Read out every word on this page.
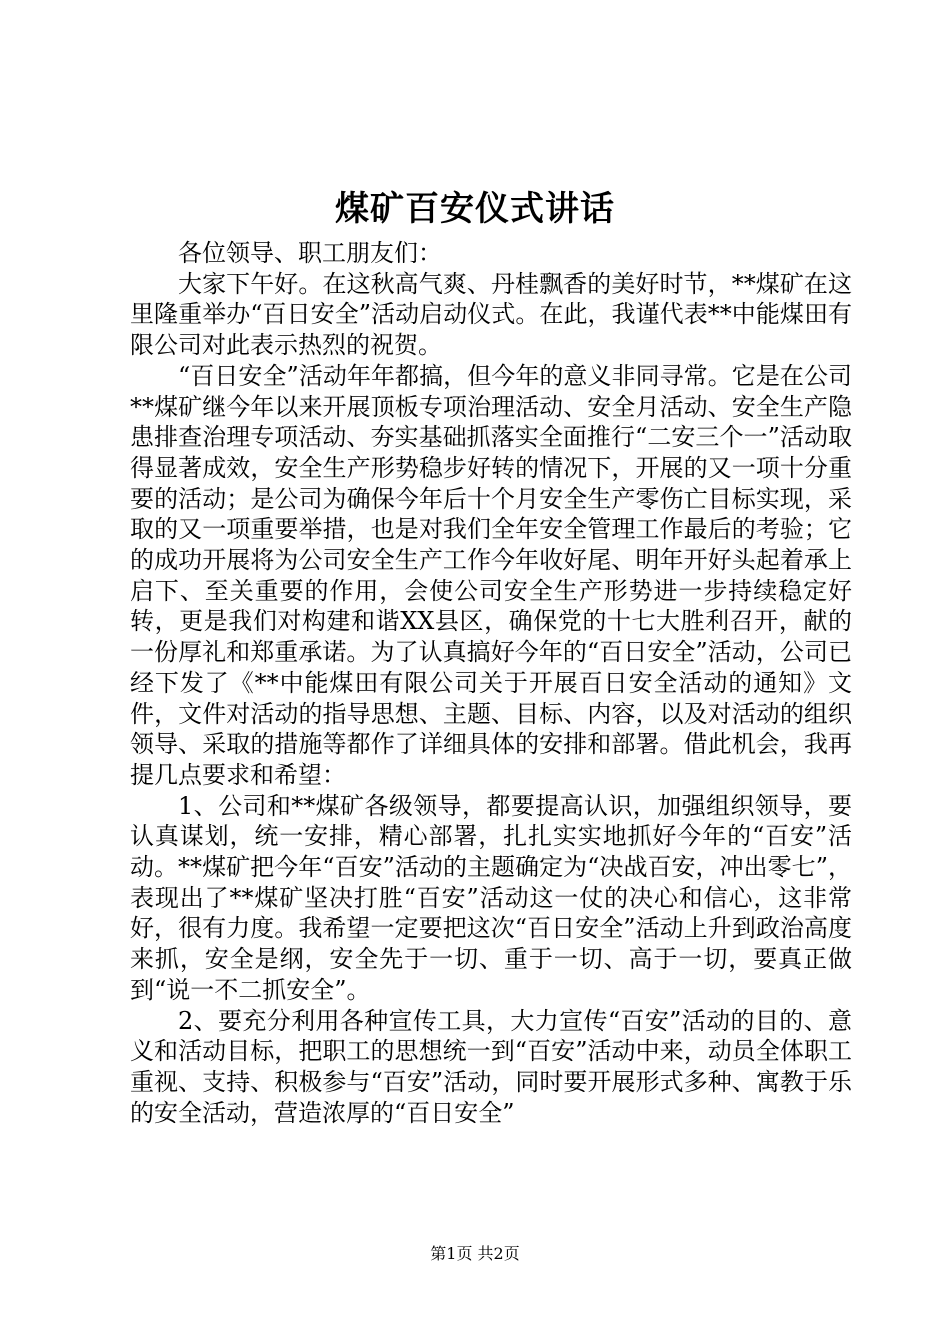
煤矿百安仪式讲话

各位领导、职工朋友们：

大家下午好。在这秋高气爽、丹桂飘香的美好时节，**煤矿在这里隆重举办“百日安全”活动启动仪式。在此，我谨代表**中能煤田有限公司对此表示热烈的祝贺。

“百日安全”活动年年都搞，但今年的意义非同寻常。它是在公司**煤矿继今年以来开展顶板专项治理活动、安全月活动、安全生产隐患排查治理专项活动、夯实基础抓落实全面推行“二安三个一”活动取得显著成效，安全生产形势稳步好转的情况下，开展的又一项十分重要的活动；是公司为确保今年后十个月安全生产零伤亡目标实现，采取的又一项重要举措，也是对我们全年安全管理工作最后的考验；它的成功开展将为公司安全生产工作今年收好尾、明年开好头起着承上启下、至关重要的作用，会使公司安全生产形势进一步持续稳定好转，更是我们对构建和谐XX县区，确保党的十七大胜利召开，献的一份厚礼和郑重承诺。为了认真搞好今年的“百日安全”活动，公司已经下发了《**中能煤田有限公司关于开展百日安全活动的通知》文件，文件对活动的指导思想、主题、目标、内容，以及对活动的组织领导、采取的措施等都作了详细具体的安排和部署。借此机会，我再提几点要求和希望：

1、公司和**煤矿各级领导，都要提高认识，加强组织领导，要认真谋划，统一安排，精心部署，扎扎实实地抓好今年的“百安”活动。**煤矿把今年“百安”活动的主题确定为“决战百安，冲出零七”，表现出了**煤矿坚决打胜“百安”活动这一仗的决心和信心，这非常好，很有力度。我希望一定要把这次“百日安全”活动上升到政治高度来抓，安全是纲，安全先于一切、重于一切、高于一切，要真正做到“说一不二抓安全”。

2、要充分利用各种宣传工具，大力宣传“百安”活动的目的、意义和活动目标，把职工的思想统一到“百安”活动中来，动员全体职工重视、支持、积极参与“百安”活动，同时要开展形式多种、寓教于乐的安全活动，营造浓厚的“百日安全”

第1页 共2页
